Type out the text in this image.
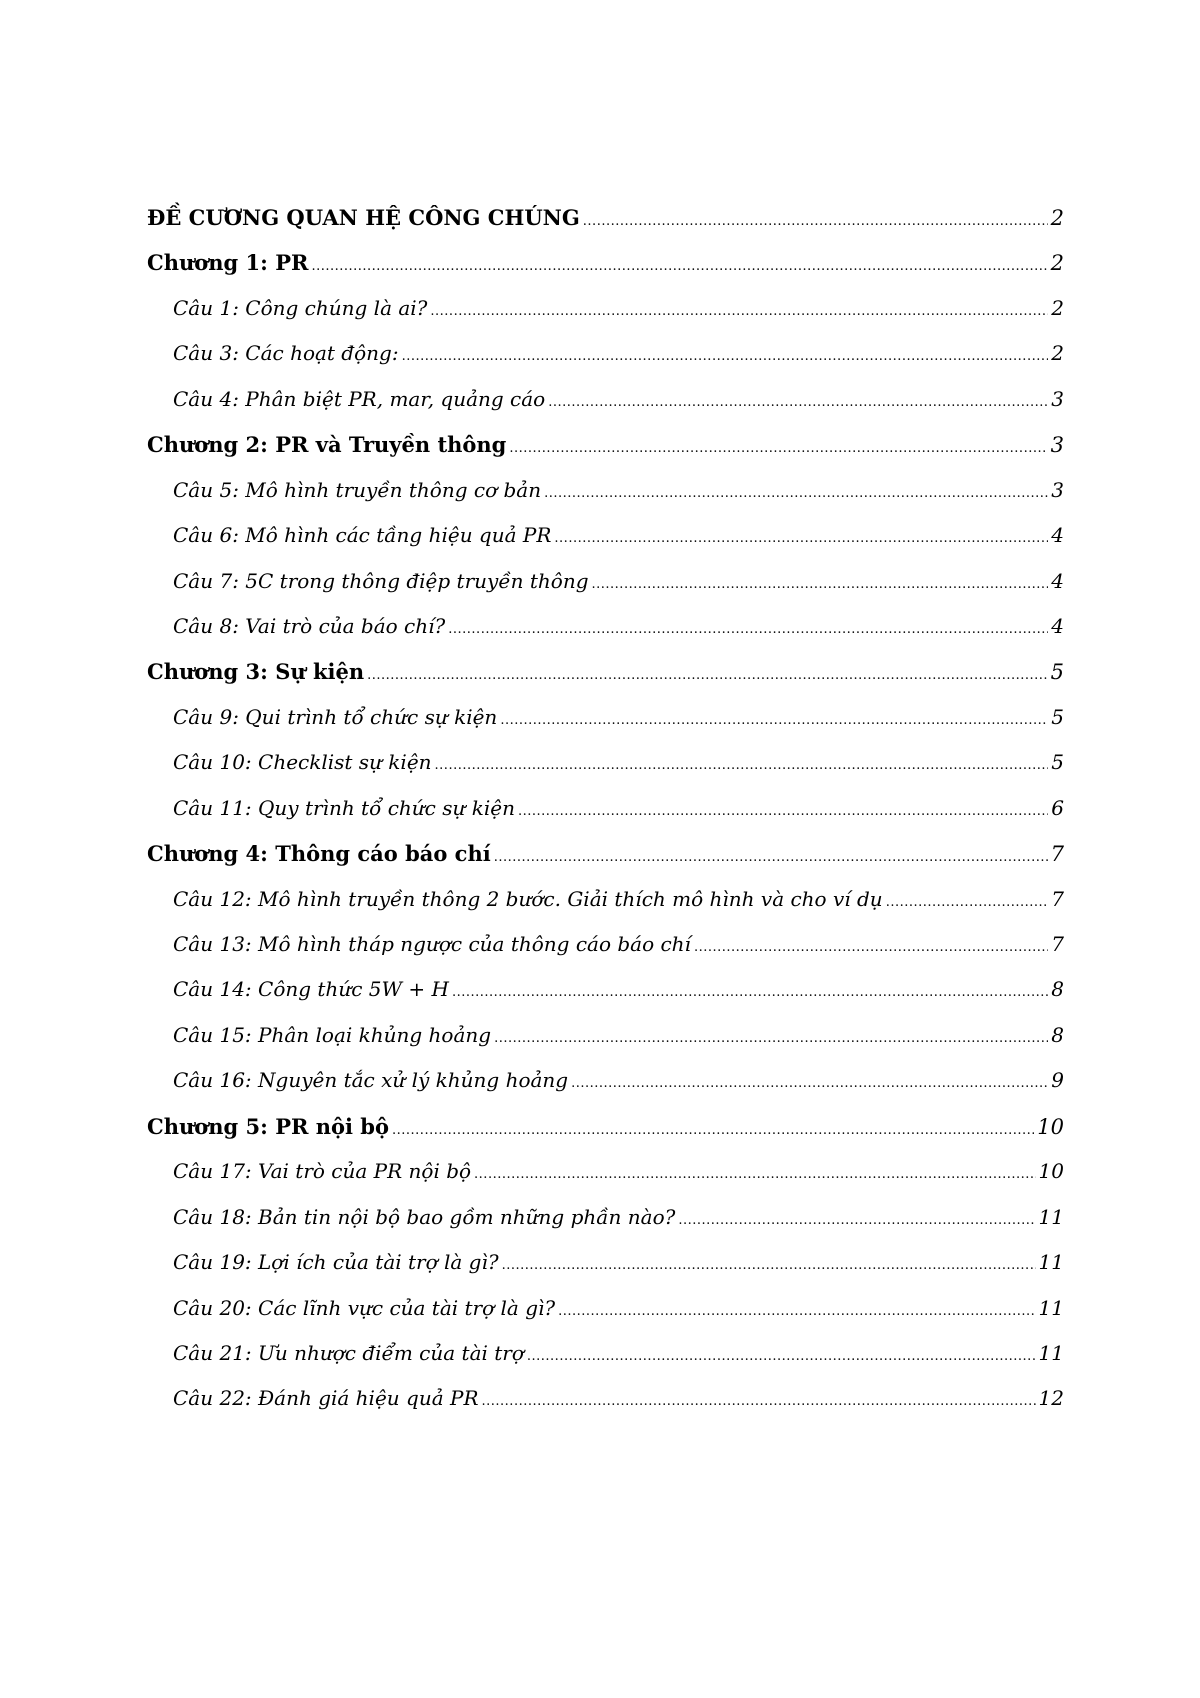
ĐỀ CƯƠNG QUAN HỆ CÔNG CHÚNG .....	2
Chương 1: PR .....	2
Câu 1: Công chúng là ai? .....	2
Câu 3: Các hoạt động: .....	2
Câu 4: Phân biệt PR, mar, quảng cáo .....	3
Chương 2: PR và Truyền thông .....	3
Câu 5: Mô hình truyền thông cơ bản .....	3
Câu 6: Mô hình các tầng hiệu quả PR .....	4
Câu 7: 5C trong thông điệp truyền thông .....	4
Câu 8: Vai trò của báo chí? .....	4
Chương 3: Sự kiện .....	5
Câu 9: Qui trình tổ chức sự kiện .....	5
Câu 10: Checklist sự kiện .....	5
Câu 11: Quy trình tổ chức sự kiện .....	6
Chương 4: Thông cáo báo chí .....	7
Câu 12: Mô hình truyền thông 2 bước. Giải thích mô hình và cho ví dụ .....	7
Câu 13: Mô hình tháp ngược của thông cáo báo chí .....	7
Câu 14: Công thức 5W + H .....	8
Câu 15: Phân loại khủng hoảng .....	8
Câu 16: Nguyên tắc xử lý khủng hoảng .....	9
Chương 5: PR nội bộ .....	10
Câu 17: Vai trò của PR nội bộ .....	10
Câu 18: Bản tin nội bộ bao gồm những phần nào? .....	11
Câu 19: Lợi ích của tài trợ là gì? .....	11
Câu 20: Các lĩnh vực của tài trợ là gì? .....	11
Câu 21: Ưu nhược điểm của tài trợ .....	11
Câu 22: Đánh giá hiệu quả PR .....	12
